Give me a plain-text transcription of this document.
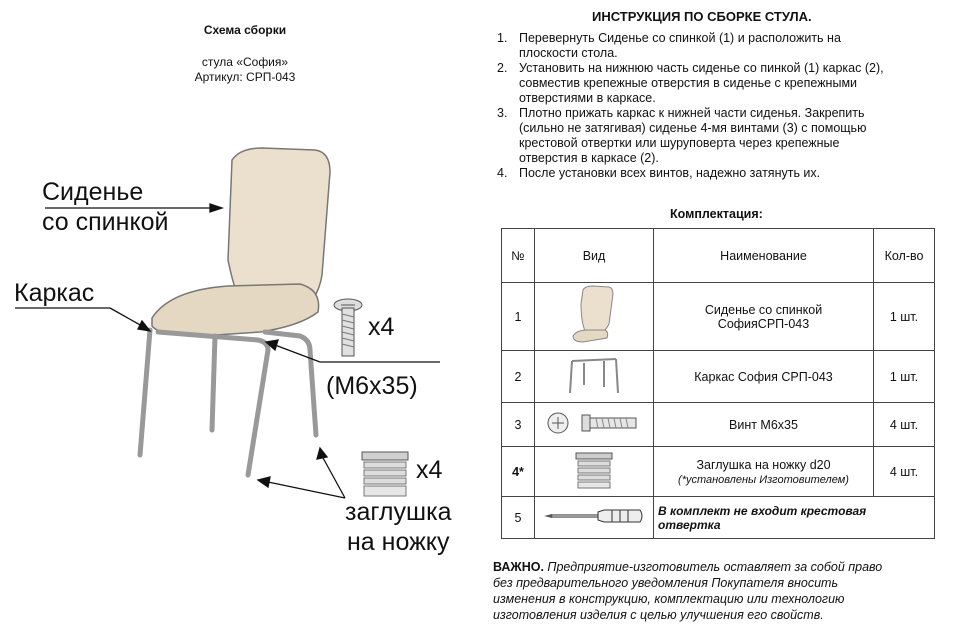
Схема сборки
стула «София»
Артикул: СРП-043
Сиденье
со спинкой
Каркас
x4
(М6х35)
x4
заглушка
на ножку
ИНСТРУКЦИЯ ПО СБОРКЕ СТУЛА.
1. Перевернуть Сиденье со спинкой (1) и расположить на
плоскости стола.
2. Установить на нижнюю часть сиденье со пинкой (1) каркас (2),
совместив крепежные отверстия в сиденье с крепежными
отверстиями в каркасе.
3. Плотно прижать каркас к нижней части сиденья. Закрепить
(сильно не затягивая) сиденье 4-мя винтами (3) с помощью
крестовой отвертки или шуруповерта через крепежные
отверстия в каркасе (2).
4. После установки всех винтов, надежно затянуть их.
Комплектация:
№	Вид	Наименование	Кол-во
1		Сиденье со спинкой
СофияСРП-043	1 шт.
2		Каркас София СРП-043	1 шт.
3		Винт М6х35	4 шт.
4*		Заглушка на ножку d20
(*установлены Изготовителем)	4 шт.
5		В комплект не входит крестовая
отвертка	
ВАЖНО. Предприятие-изготовитель оставляет за собой право
без предварительного уведомления Покупателя вносить
изменения в конструкцию, комплектацию или технологию
изготовления изделия с целью улучшения его свойств.
